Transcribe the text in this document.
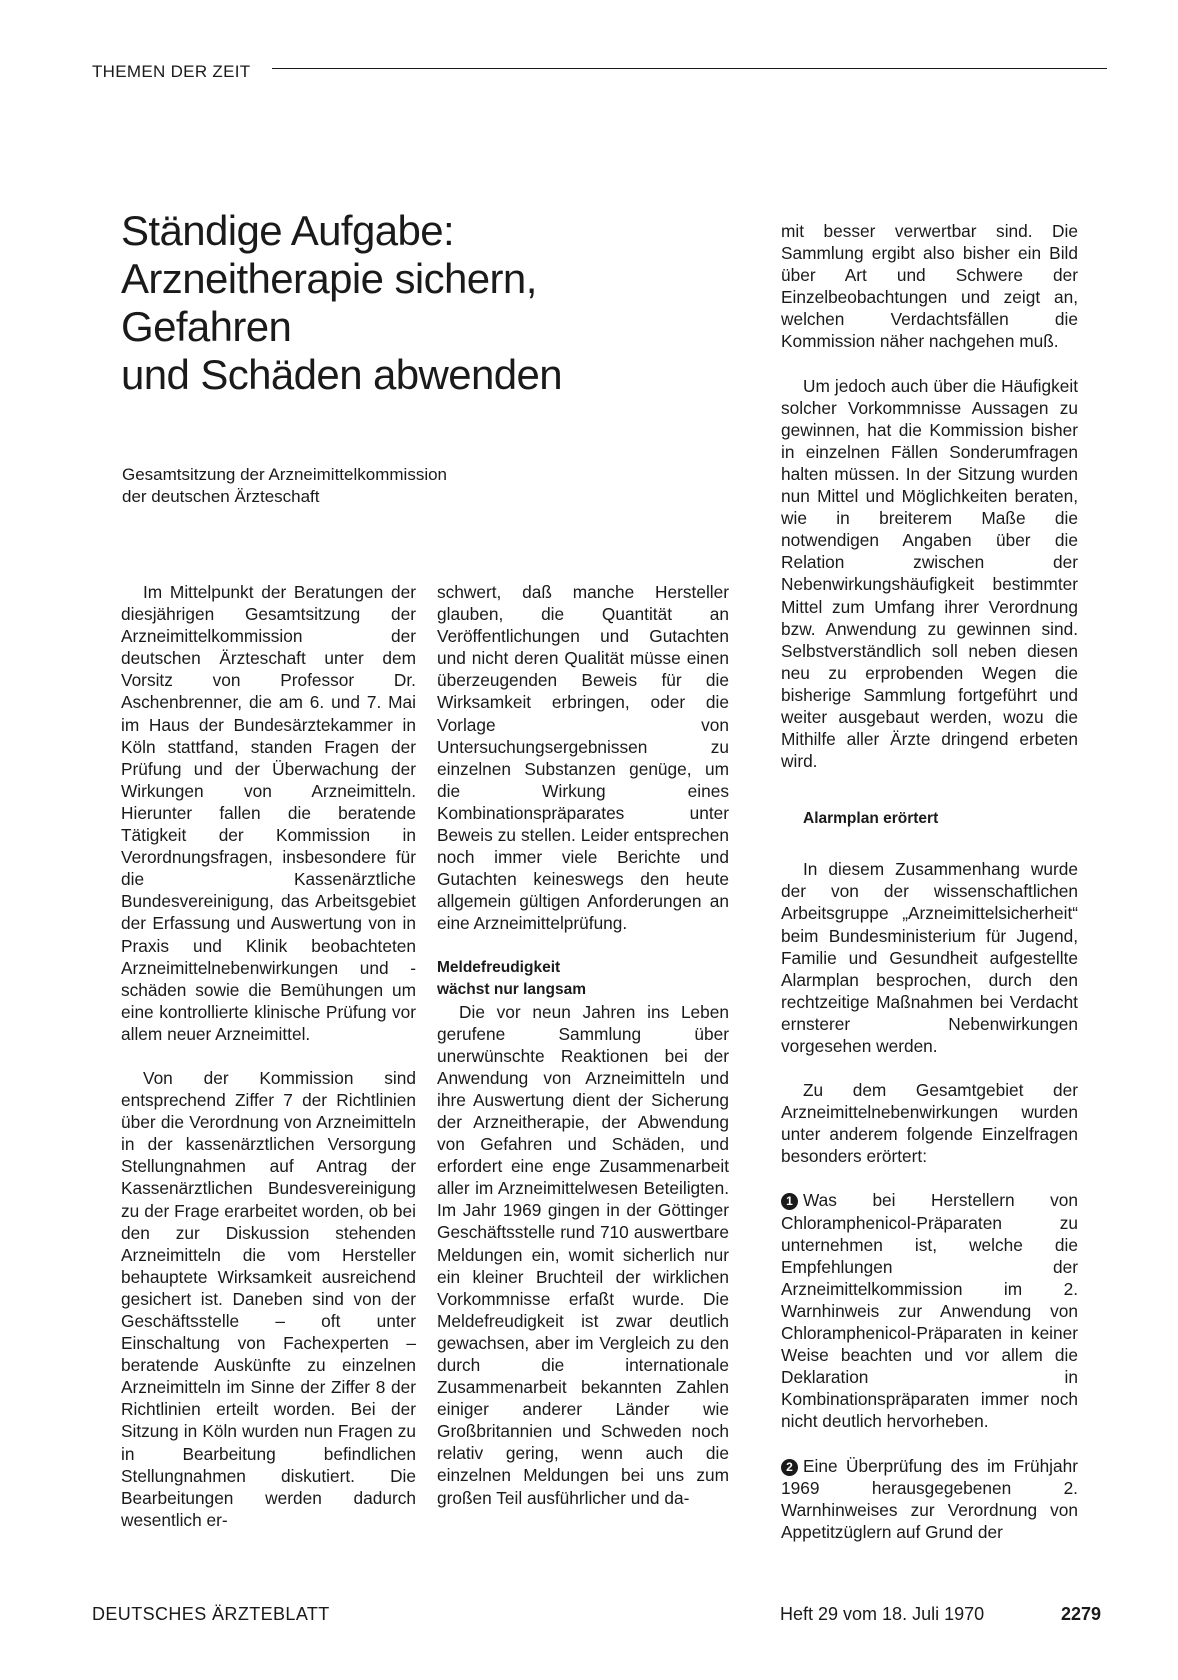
THEMEN DER ZEIT
Ständige Aufgabe:
Arzneitherapie sichern,
Gefahren
und Schäden abwenden

Gesamtsitzung der Arzneimittelkommission
der deutschen Ärzteschaft

Im Mittelpunkt der Beratungen der diesjährigen Gesamtsitzung der Arzneimittelkommission der deutschen Ärzteschaft unter dem Vorsitz von Professor Dr. Aschenbrenner, die am 6. und 7. Mai im Haus der Bundesärztekammer in Köln stattfand, standen Fragen der Prüfung und der Überwachung der Wirkungen von Arzneimitteln. Hierunter fallen die beratende Tätigkeit der Kommission in Verordnungsfragen, insbesondere für die Kassenärztliche Bundesvereinigung, das Arbeitsgebiet der Erfassung und Auswertung von in Praxis und Klinik beobachteten Arzneimittelnebenwirkungen und -schäden sowie die Bemühungen um eine kontrollierte klinische Prüfung vor allem neuer Arzneimittel.

Von der Kommission sind entsprechend Ziffer 7 der Richtlinien über die Verordnung von Arzneimitteln in der kassenärztlichen Versorgung Stellungnahmen auf Antrag der Kassenärztlichen Bundesvereinigung zu der Frage erarbeitet worden, ob bei den zur Diskussion stehenden Arzneimitteln die vom Hersteller behauptete Wirksamkeit ausreichend gesichert ist. Daneben sind von der Geschäftsstelle – oft unter Einschaltung von Fachexperten – beratende Auskünfte zu einzelnen Arzneimitteln im Sinne der Ziffer 8 der Richtlinien erteilt worden. Bei der Sitzung in Köln wurden nun Fragen zu in Bearbeitung befindlichen Stellungnahmen diskutiert. Die Bearbeitungen werden dadurch wesentlich er-

schwert, daß manche Hersteller glauben, die Quantität an Veröffentlichungen und Gutachten und nicht deren Qualität müsse einen überzeugenden Beweis für die Wirksamkeit erbringen, oder die Vorlage von Untersuchungsergebnissen zu einzelnen Substanzen genüge, um die Wirkung eines Kombinationspräparates unter Beweis zu stellen. Leider entsprechen noch immer viele Berichte und Gutachten keineswegs den heute allgemein gültigen Anforderungen an eine Arzneimittelprüfung.

Meldefreudigkeit
wächst nur langsam

Die vor neun Jahren ins Leben gerufene Sammlung über unerwünschte Reaktionen bei der Anwendung von Arzneimitteln und ihre Auswertung dient der Sicherung der Arzneitherapie, der Abwendung von Gefahren und Schäden, und erfordert eine enge Zusammenarbeit aller im Arzneimittelwesen Beteiligten. Im Jahr 1969 gingen in der Göttinger Geschäftsstelle rund 710 auswertbare Meldungen ein, womit sicherlich nur ein kleiner Bruchteil der wirklichen Vorkommnisse erfaßt wurde. Die Meldefreudigkeit ist zwar deutlich gewachsen, aber im Vergleich zu den durch die internationale Zusammenarbeit bekannten Zahlen einiger anderer Länder wie Großbritannien und Schweden noch relativ gering, wenn auch die einzelnen Meldungen bei uns zum großen Teil ausführlicher und da-

mit besser verwertbar sind. Die Sammlung ergibt also bisher ein Bild über Art und Schwere der Einzelbeobachtungen und zeigt an, welchen Verdachtsfällen die Kommission näher nachgehen muß.

Um jedoch auch über die Häufigkeit solcher Vorkommnisse Aussagen zu gewinnen, hat die Kommission bisher in einzelnen Fällen Sonderumfragen halten müssen. In der Sitzung wurden nun Mittel und Möglichkeiten beraten, wie in breiterem Maße die notwendigen Angaben über die Relation zwischen der Nebenwirkungshäufigkeit bestimmter Mittel zum Umfang ihrer Verordnung bzw. Anwendung zu gewinnen sind. Selbstverständlich soll neben diesen neu zu erprobenden Wegen die bisherige Sammlung fortgeführt und weiter ausgebaut werden, wozu die Mithilfe aller Ärzte dringend erbeten wird.

Alarmplan erörtert

In diesem Zusammenhang wurde der von der wissenschaftlichen Arbeitsgruppe „Arzneimittelsicherheit“ beim Bundesministerium für Jugend, Familie und Gesundheit aufgestellte Alarmplan besprochen, durch den rechtzeitige Maßnahmen bei Verdacht ernsterer Nebenwirkungen vorgesehen werden.

Zu dem Gesamtgebiet der Arzneimittelnebenwirkungen wurden unter anderem folgende Einzelfragen besonders erörtert:

1 Was bei Herstellern von Chloramphenicol-Präparaten zu unternehmen ist, welche die Empfehlungen der Arzneimittelkommission im 2. Warnhinweis zur Anwendung von Chloramphenicol-Präparaten in keiner Weise beachten und vor allem die Deklaration in Kombinationspräparaten immer noch nicht deutlich hervorheben.

2 Eine Überprüfung des im Frühjahr 1969 herausgegebenen 2. Warnhinweises zur Verordnung von Appetitzüglern auf Grund der

DEUTSCHES ÄRZTEBLATT	Heft 29 vom 18. Juli 1970	2279
